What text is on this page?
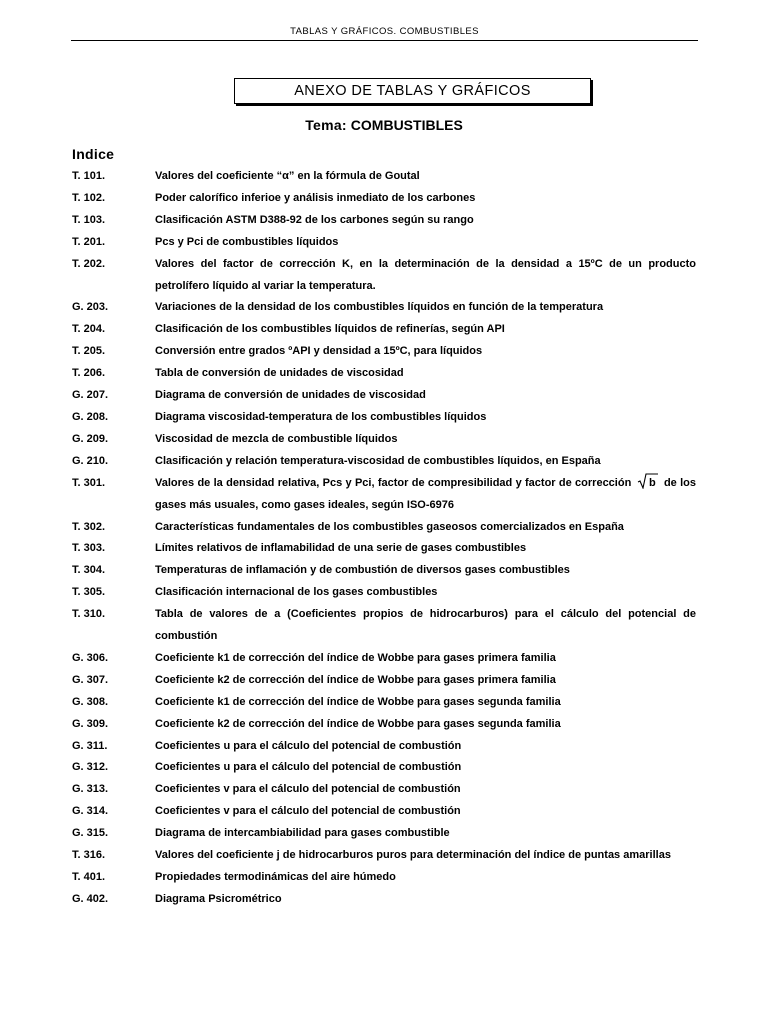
TABLAS Y GRÁFICOS. COMBUSTIBLES
ANEXO DE TABLAS Y GRÁFICOS
Tema: COMBUSTIBLES
Indice
T. 101.	Valores del coeficiente “α” en la fórmula de Goutal
T. 102.	Poder calorífico inferioe y análisis inmediato de los carbones
T. 103.	Clasificación ASTM D388-92 de los carbones según su rango
T. 201.	Pcs y Pci de combustibles líquidos
T. 202.	Valores del factor de corrección K, en la determinación de la densidad a 15ºC de un producto petrolífero líquido al variar la temperatura.
G. 203.	Variaciones de la densidad de los combustibles líquidos en función de la temperatura
T. 204.	Clasificación de los combustibles líquidos de refinerías, según API
T. 205.	Conversión entre grados ºAPI y densidad a 15ºC, para líquidos
T. 206.	Tabla de conversión de unidades de viscosidad
G. 207.	Diagrama de conversión de unidades de viscosidad
G. 208.	Diagrama viscosidad-temperatura de los combustibles líquidos
G. 209.	Viscosidad de mezcla de combustible líquidos
G. 210.	Clasificación y relación temperatura-viscosidad de combustibles líquidos, en España
T. 301.	Valores de la densidad relativa, Pcs y Pci, factor de compresibilidad y factor de corrección b de los gases más usuales, como gases ideales, según ISO-6976
T. 302.	Características fundamentales de los combustibles gaseosos comercializados en España
T. 303.	Límites relativos de inflamabilidad de una serie de gases combustibles
T. 304.	Temperaturas de inflamación y de combustión de diversos gases combustibles
T. 305.	Clasificación internacional de los gases combustibles
T. 310.	Tabla de valores de a (Coeficientes propios de hidrocarburos) para el cálculo del potencial de combustión
G. 306.	Coeficiente k1 de corrección del índice de Wobbe para gases primera familia
G. 307.	Coeficiente k2 de corrección del índice de Wobbe para gases primera familia
G. 308.	Coeficiente k1 de corrección del índice de Wobbe para gases segunda familia
G. 309.	Coeficiente k2 de corrección del índice de Wobbe para gases segunda familia
G. 311.	Coeficientes u para el cálculo del potencial de combustión
G. 312.	Coeficientes u para el cálculo del potencial de combustión
G. 313.	Coeficientes v para el cálculo del potencial de combustión
G. 314.	Coeficientes v para el cálculo del potencial de combustión
G. 315.	Diagrama de intercambiabilidad para gases combustible
T. 316.	Valores del coeficiente j de hidrocarburos puros para determinación del índice de puntas amarillas
T. 401.	Propiedades termodinámicas del aire húmedo
G. 402.	Diagrama Psicrométrico
